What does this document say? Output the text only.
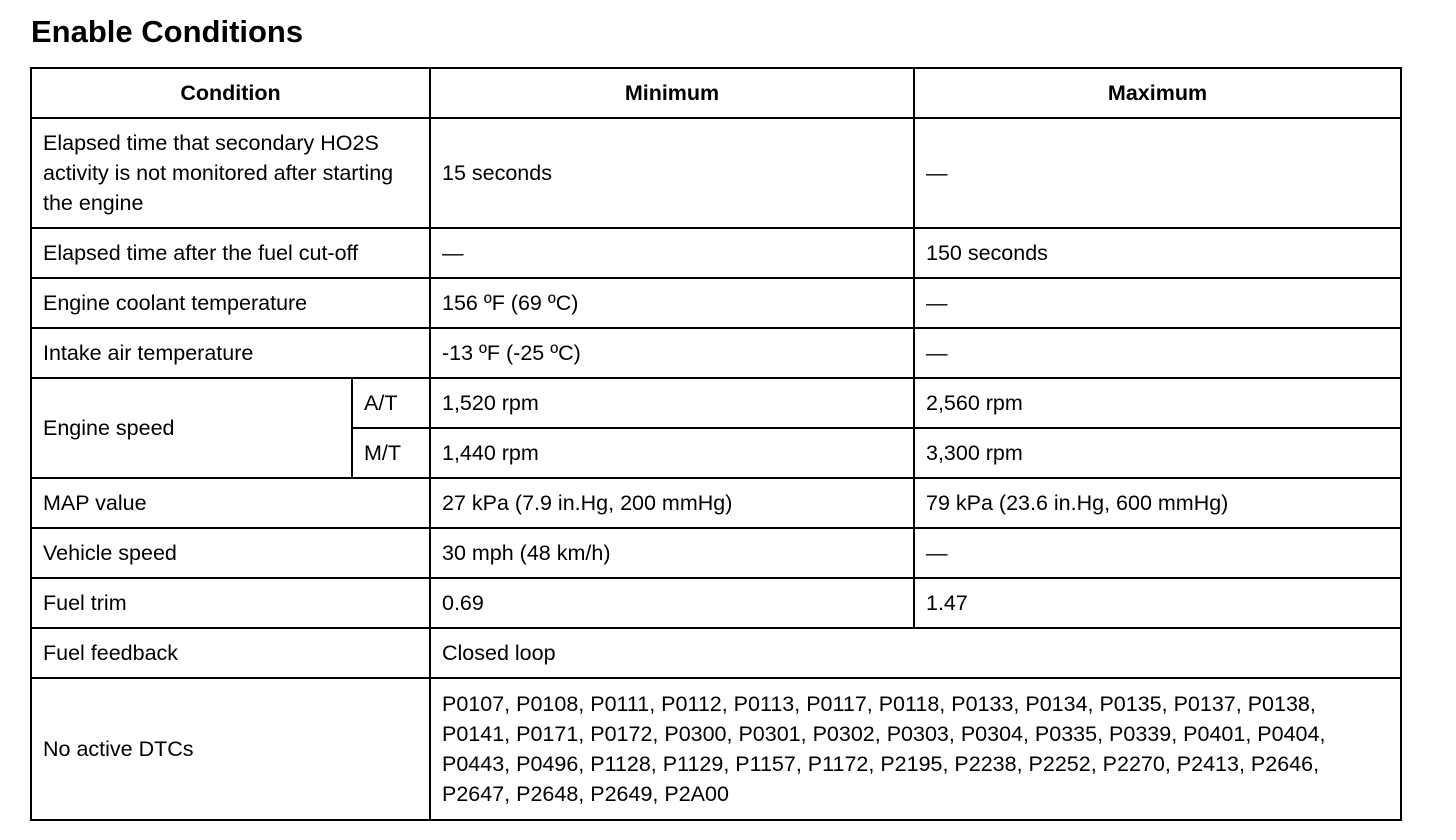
Enable Conditions
Condition		Minimum	Maximum
Elapsed time that secondary HO2S activity is not monitored after starting the engine		15 seconds	—
Elapsed time after the fuel cut-off		—	150 seconds
Engine coolant temperature		156 ºF (69 ºC)	—
Intake air temperature		-13 ºF (-25 ºC)	—
Engine speed	A/T	1,520 rpm	2,560 rpm
	M/T	1,440 rpm	3,300 rpm
MAP value		27 kPa (7.9 in.Hg, 200 mmHg)	79 kPa (23.6 in.Hg, 600 mmHg)
Vehicle speed		30 mph (48 km/h)	—
Fuel trim		0.69	1.47
Fuel feedback		Closed loop	
No active DTCs		P0107, P0108, P0111, P0112, P0113, P0117, P0118, P0133, P0134, P0135, P0137, P0138, P0141, P0171, P0172, P0300, P0301, P0302, P0303, P0304, P0335, P0339, P0401, P0404, P0443, P0496, P1128, P1129, P1157, P1172, P2195, P2238, P2252, P2270, P2413, P2646, P2647, P2648, P2649, P2A00	
